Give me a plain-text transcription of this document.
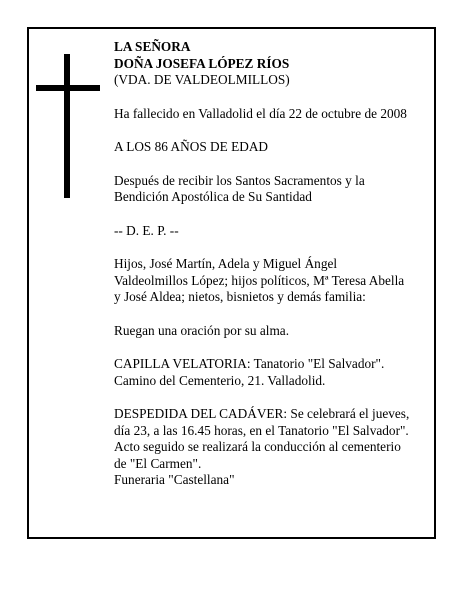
LA SEÑORA

DOÑA JOSEFA LÓPEZ RÍOS

(VDA. DE VALDEOLMILLOS)

Ha fallecido en Valladolid el día 22 de octubre de 2008

A LOS 86 AÑOS DE EDAD

Después de recibir los Santos Sacramentos y la

Bendición Apostólica de Su Santidad

-- D. E. P. --

Hijos, José Martín, Adela y Miguel Ángel

Valdeolmillos López; hijos políticos, Mª Teresa Abella

y José Aldea; nietos, bisnietos y demás familia:

Ruegan una oración por su alma.

CAPILLA VELATORIA: Tanatorio "El Salvador".

Camino del Cementerio, 21. Valladolid.

DESPEDIDA DEL CADÁVER: Se celebrará el jueves,

día 23, a las 16.45 horas, en el Tanatorio "El Salvador".

Acto seguido se realizará la conducción al cementerio

de "El Carmen".

Funeraria "Castellana"
